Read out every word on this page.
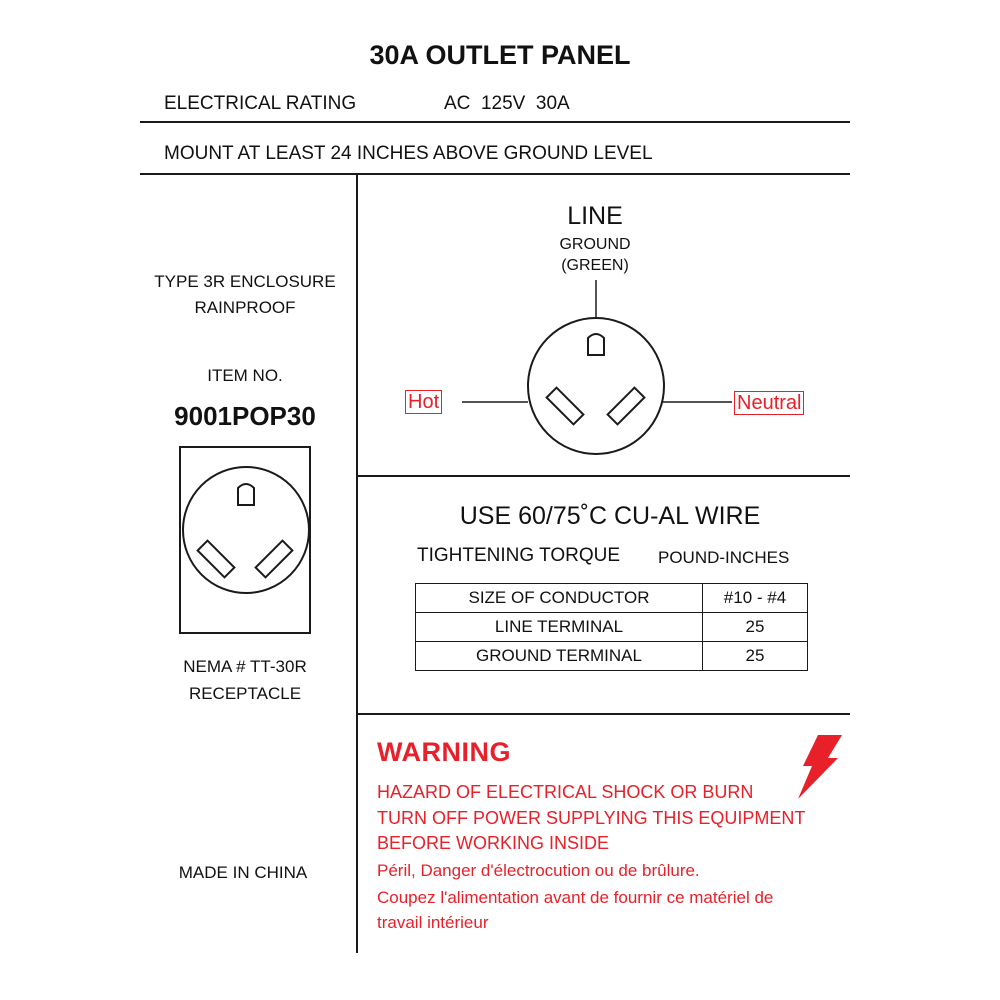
30A OUTLET PANEL
ELECTRICAL RATING	AC  125V  30A
MOUNT AT LEAST 24 INCHES ABOVE GROUND LEVEL
TYPE 3R ENCLOSURE
RAINPROOF
ITEM NO.
9001POP30
NEMA # TT-30R
RECEPTACLE
MADE IN CHINA
LINE
GROUND
(GREEN)
Hot	Neutral
USE 60/75˚C CU-AL WIRE
TIGHTENING TORQUE POUND-INCHES
SIZE OF CONDUCTOR	#10 - #4
LINE TERMINAL	25
GROUND TERMINAL	25
WARNING
HAZARD OF ELECTRICAL SHOCK OR BURN
TURN OFF POWER SUPPLYING THIS EQUIPMENT
BEFORE WORKING INSIDE
Péril, Danger d'électrocution ou de brûlure.
Coupez l'alimentation avant de fournir ce matériel de
travail intérieur
